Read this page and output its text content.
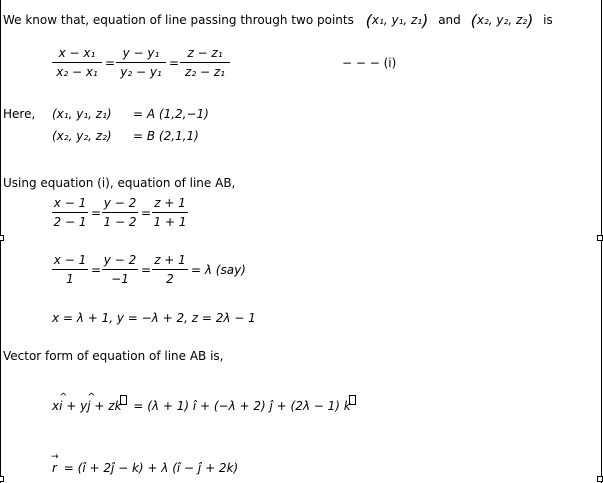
We know that, equation of line passing through two points (x₁, y₁, z₁) and (x₂, y₂, z₂) is
$\frac{\text{x − x₁}}{\text{x₂ − x₁}} = \frac{\text{y − y₁}}{\text{y₂ − y₁}} = \frac{\text{z − z₁}}{\text{z₂ − z₁}}$	− − − (i)
Here, (x₁, y₁, z₁) = A (1,2,−1)
(x₂, y₂, z₂) = B (2,1,1)
Using equation (i), equation of line AB,
$\frac{x - 1}{2 - 1} = \frac{y - 2}{1 - 2} = \frac{z + 1}{1 + 1}$
$\frac{x - 1}{1} = \frac{y - 2}{-1} = \frac{z + 1}{2} = \lambda$ (say)
x = λ + 1, y = −λ + 2, z = 2λ − 1
Vector form of equation of line AB is,
x^ i + y^ j + zk = (λ + 1) î + (−λ + 2) ĵ + (2λ − 1) k
→ r = (î + 2ĵ − k) + λ (î − ĵ + 2k)
